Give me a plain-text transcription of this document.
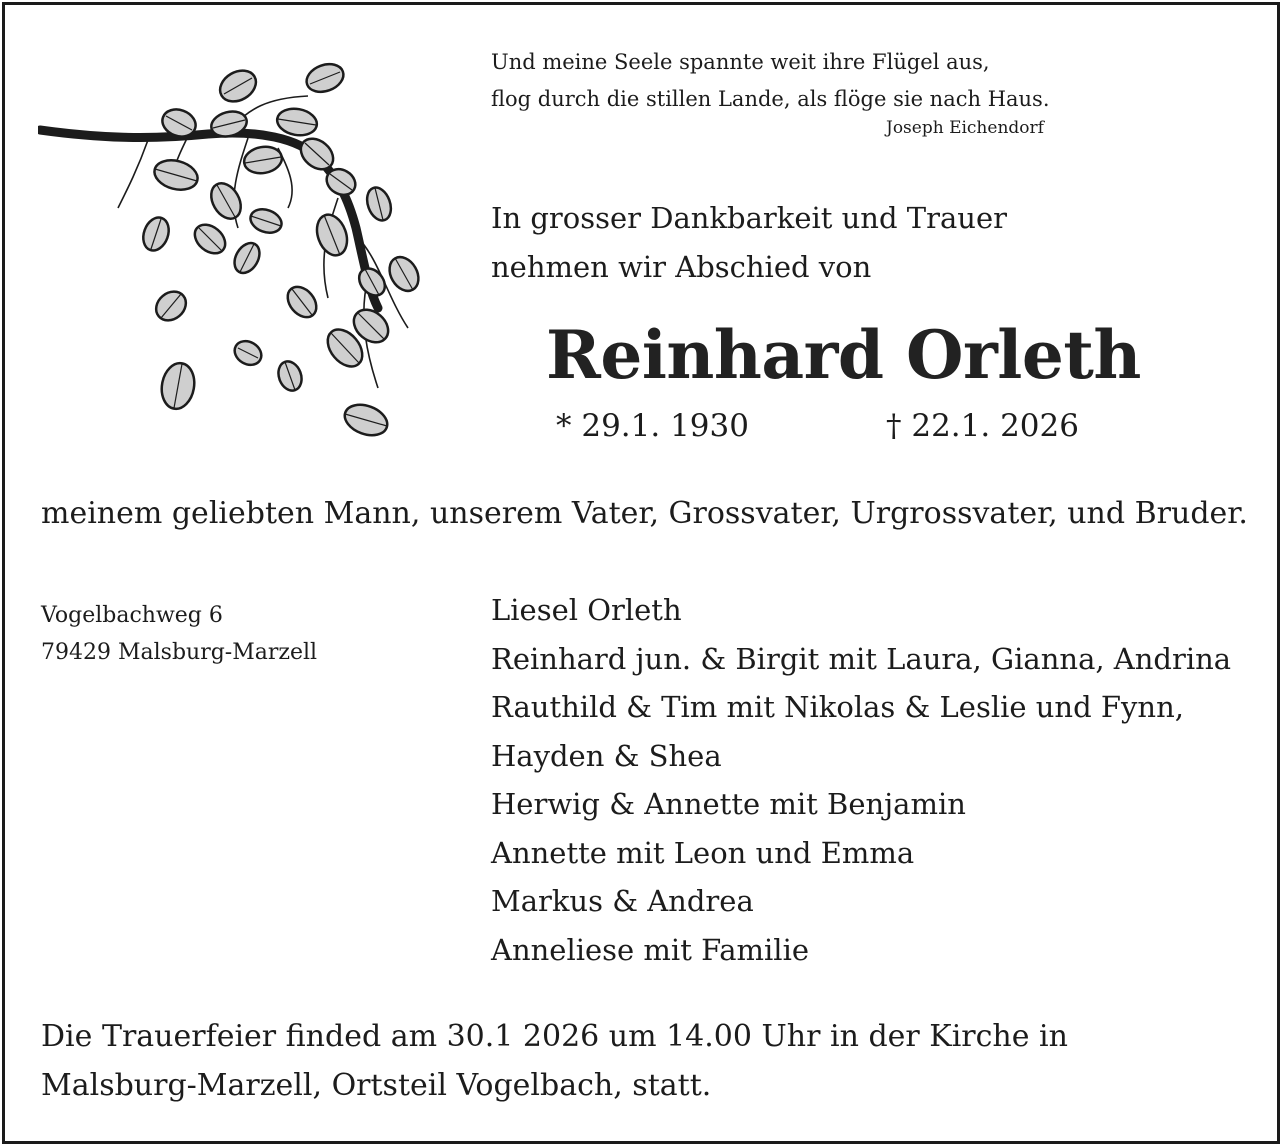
Und meine Seele spannte weit ihre Flügel aus,
flog durch die stillen Lande, als flöge sie nach Haus.
Joseph Eichendorf
In grosser Dankbarkeit und Trauer
nehmen wir Abschied von
Reinhard Orleth
* 29.1. 1930	† 22.1. 2026
meinem geliebten Mann, unserem Vater, Grossvater, Urgrossvater, und Bruder.
Vogelbachweg 6
79429 Malsburg-Marzell
Liesel Orleth
Reinhard jun. & Birgit mit Laura, Gianna, Andrina
Rauthild & Tim mit Nikolas & Leslie und Fynn,
Hayden & Shea
Herwig & Annette mit Benjamin
Annette mit Leon und Emma
Markus & Andrea
Anneliese mit Familie
Die Trauerfeier finded am 30.1 2026 um 14.00 Uhr in der Kirche in
Malsburg-Marzell, Ortsteil Vogelbach, statt.
